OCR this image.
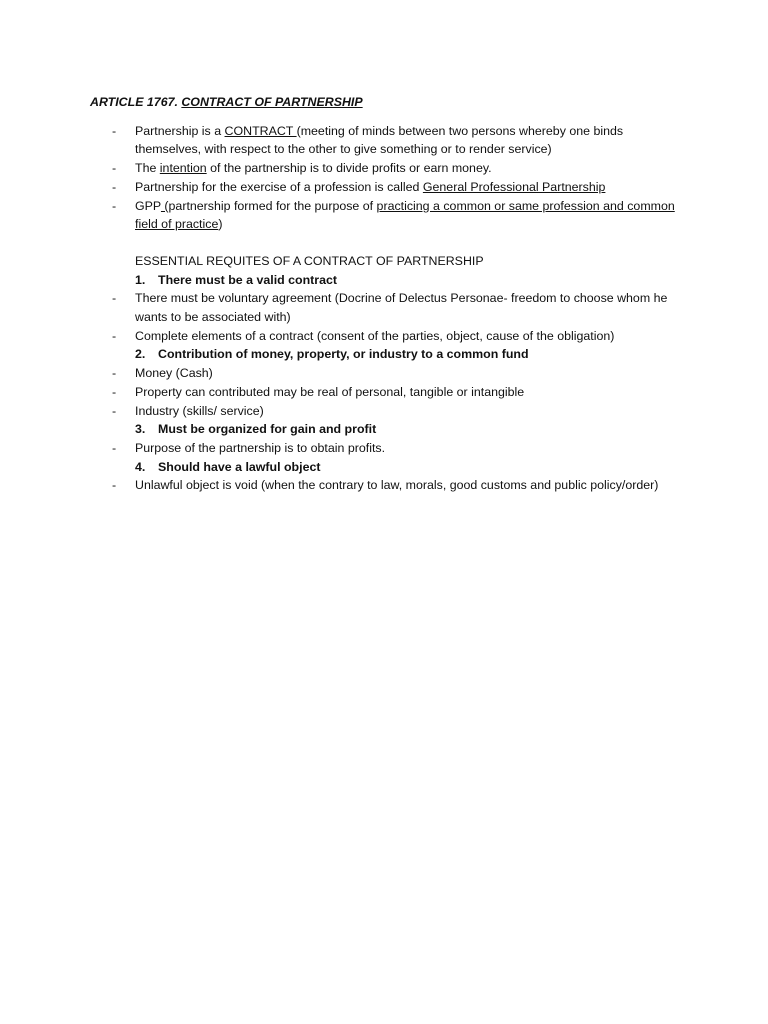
ARTICLE 1767. CONTRACT OF PARTNERSHIP
- Partnership is a CONTRACT (meeting of minds between two persons whereby one binds themselves, with respect to the other to give something or to render service)
- The intention of the partnership is to divide profits or earn money.
- Partnership for the exercise of a profession is called General Professional Partnership
- GPP (partnership formed for the purpose of practicing a common or same profession and common field of practice)
ESSENTIAL REQUITES OF A CONTRACT OF PARTNERSHIP
1. There must be a valid contract
- There must be voluntary agreement (Docrine of Delectus Personae- freedom to choose whom he wants to be associated with)
- Complete elements of a contract (consent of the parties, object, cause of the obligation)
2. Contribution of money, property, or industry to a common fund
- Money (Cash)
- Property can contributed may be real of personal, tangible or intangible
- Industry (skills/ service)
3. Must be organized for gain and profit
- Purpose of the partnership is to obtain profits.
4. Should have a lawful object
- Unlawful object is void (when the contrary to law, morals, good customs and public policy/order)
